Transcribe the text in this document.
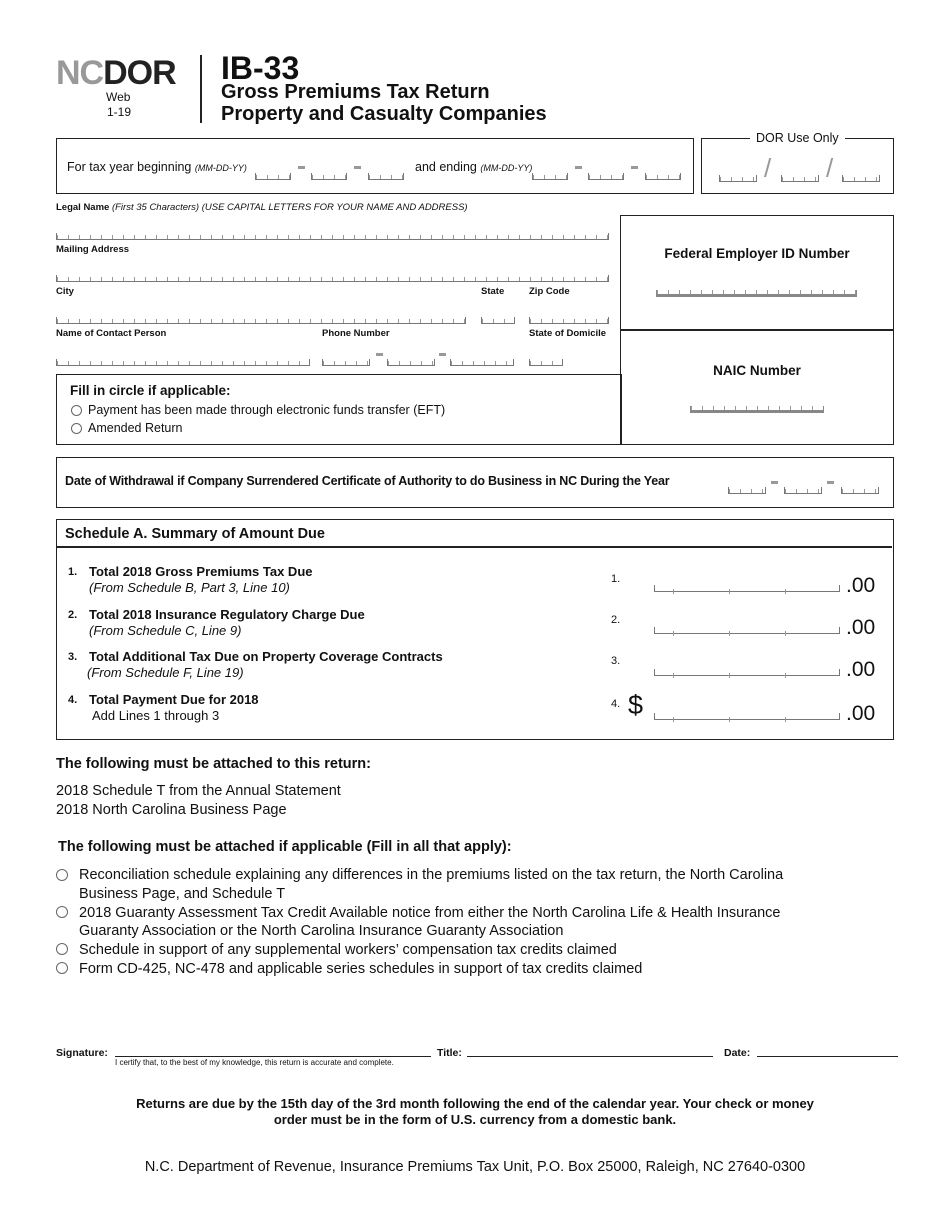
NCDOR
Web
1-19
IB-33
Gross Premiums Tax Return
Property and Casualty Companies
For tax year beginning (MM-DD-YY)	and ending (MM-DD-YY)
DOR Use Only
/ /
Legal Name (First 35 Characters) (USE CAPITAL LETTERS FOR YOUR NAME AND ADDRESS)
Mailing Address
City	State	Zip Code
Name of Contact Person	Phone Number	State of Domicile
Federal Employer ID Number
NAIC Number
Fill in circle if applicable:
Payment has been made through electronic funds transfer (EFT)
Amended Return
Date of Withdrawal if Company Surrendered Certificate of Authority to do Business in NC During the Year
Schedule A. Summary of Amount Due
1. Total 2018 Gross Premiums Tax Due
(From Schedule B, Part 3, Line 10)
1.	.00
2. Total 2018 Insurance Regulatory Charge Due
(From Schedule C, Line 9)
2.	.00
3. Total Additional Tax Due on Property Coverage Contracts
(From Schedule F, Line 19)
3.	.00
4. Total Payment Due for 2018
Add Lines 1 through 3
4. $	.00
The following must be attached to this return:
2018 Schedule T from the Annual Statement
2018 North Carolina Business Page
The following must be attached if applicable (Fill in all that apply):
Reconciliation schedule explaining any differences in the premiums listed on the tax return, the North Carolina
Business Page, and Schedule T
2018 Guaranty Assessment Tax Credit Available notice from either the North Carolina Life & Health Insurance
Guaranty Association or the North Carolina Insurance Guaranty Association
Schedule in support of any supplemental workers’ compensation tax credits claimed
Form CD-425, NC-478 and applicable series schedules in support of tax credits claimed
Signature:
I certify that, to the best of my knowledge, this return is accurate and complete.
Title:	Date:
Returns are due by the 15th day of the 3rd month following the end of the calendar year. Your check or money
order must be in the form of U.S. currency from a domestic bank.
N.C. Department of Revenue, Insurance Premiums Tax Unit, P.O. Box 25000, Raleigh, NC 27640-0300
